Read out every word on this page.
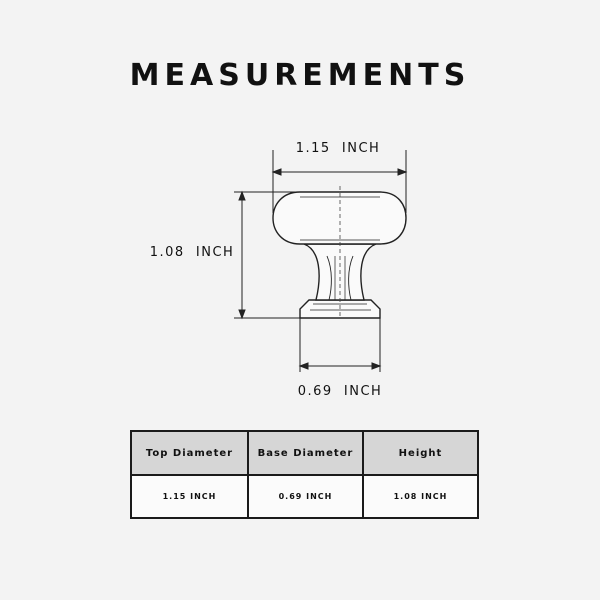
MEASUREMENTS
1.15  INCH
1.08  INCH
0.69  INCH
Top Diameter	Base Diameter	Height
1.15 INCH	0.69 INCH	1.08 INCH
